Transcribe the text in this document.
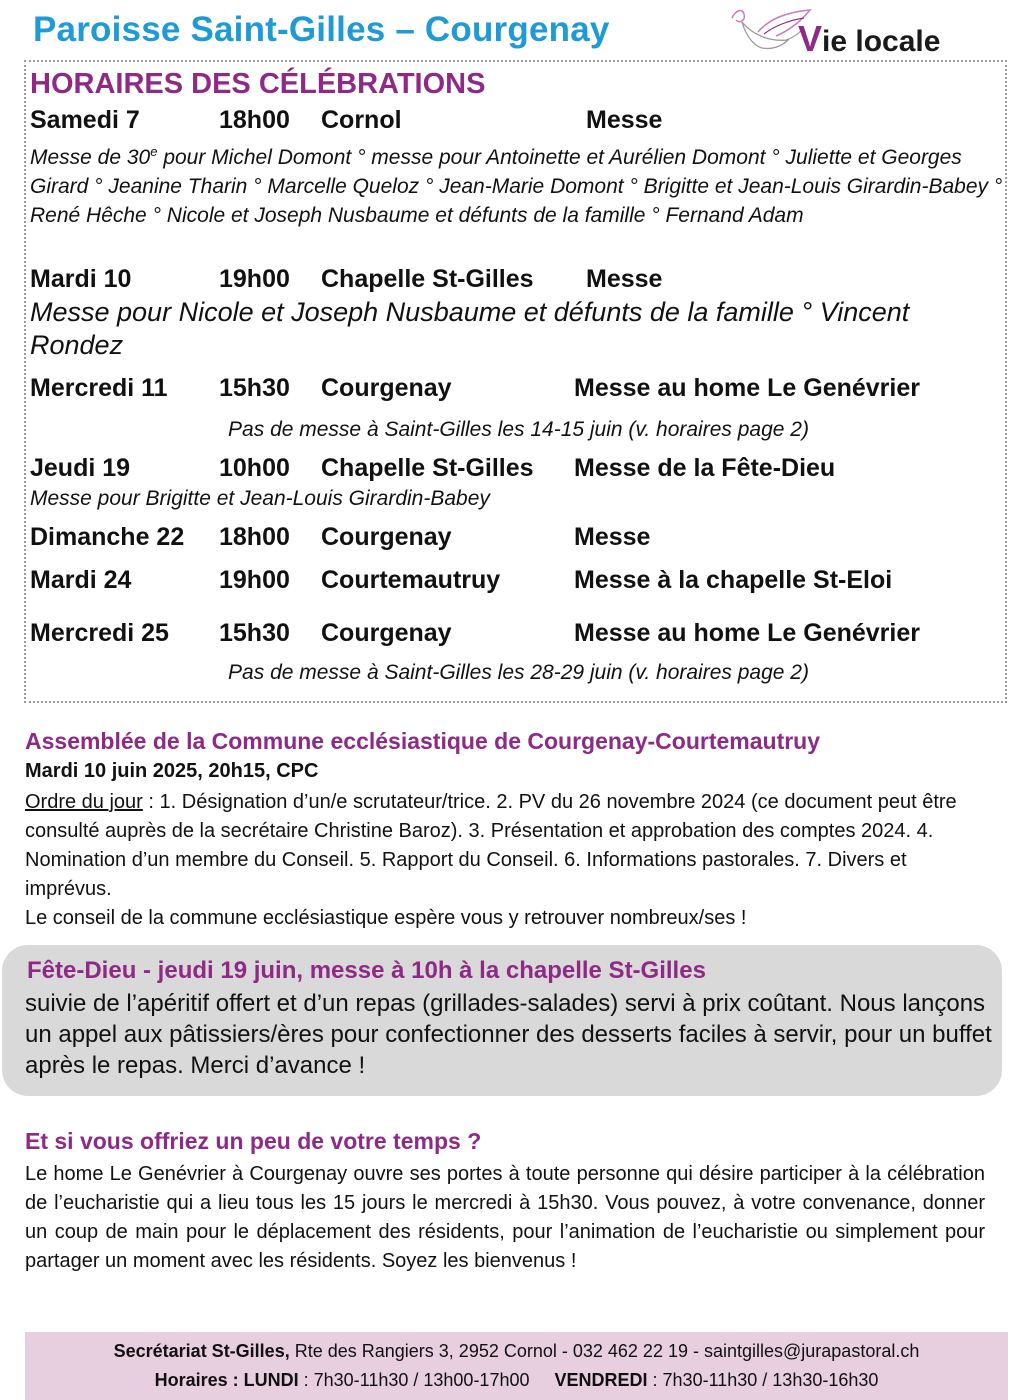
Paroisse Saint-Gilles – Courgenay	Vie locale
HORAIRES DES CÉLÉBRATIONS
Samedi 7	18h00 Cornol	Messe
Messe de 30e pour Michel Domont ° messe pour Antoinette et Aurélien Domont ° Juliette et Georges Girard ° Jeanine Tharin ° Marcelle Queloz ° Jean-Marie Domont ° Brigitte et Jean-Louis Girardin-Babey ° René Hêche ° Nicole et Joseph Nusbaume et défunts de la famille ° Fernand Adam
Mardi 10	19h00 Chapelle St-Gilles Messe
Messe pour Nicole et Joseph Nusbaume et défunts de la famille ° Vincent Rondez
Mercredi 11 15h30 Courgenay	Messe au home Le Genévrier
Pas de messe à Saint-Gilles les 14-15 juin (v. horaires page 2)
Jeudi 19	10h00 Chapelle St-Gilles Messe de la Fête-Dieu
Messe pour Brigitte et Jean-Louis Girardin-Babey
Dimanche 22 18h00 Courgenay	Messe
Mardi 24	19h00 Courtemautruy	Messe à la chapelle St-Eloi
Mercredi 25 15h30 Courgenay	Messe au home Le Genévrier
Pas de messe à Saint-Gilles les 28-29 juin (v. horaires page 2)
Assemblée de la Commune ecclésiastique de Courgenay-Courtemautruy
Mardi 10 juin 2025, 20h15, CPC
Ordre du jour : 1. Désignation d’un/e scrutateur/trice. 2. PV du 26 novembre 2024 (ce document peut être consulté auprès de la secrétaire Christine Baroz). 3. Présentation et approbation des comptes 2024. 4. Nomination d’un membre du Conseil. 5. Rapport du Conseil. 6. Informations pastorales. 7. Divers et imprévus.
Le conseil de la commune ecclésiastique espère vous y retrouver nombreux/ses !
Fête-Dieu - jeudi 19 juin, messe à 10h à la chapelle St-Gilles
suivie de l’apéritif offert et d’un repas (grillades-salades) servi à prix coûtant. Nous lançons un appel aux pâtissiers/ères pour confectionner des desserts faciles à servir, pour un buffet après le repas. Merci d’avance !
Et si vous offriez un peu de votre temps ?
Le home Le Genévrier à Courgenay ouvre ses portes à toute personne qui désire participer à la célébration de l’eucharistie qui a lieu tous les 15 jours le mercredi à 15h30. Vous pouvez, à votre convenance, donner un coup de main pour le déplacement des résidents, pour l’animation de l’eucharistie ou simplement pour partager un moment avec les résidents. Soyez les bienvenus !
Secrétariat St-Gilles, Rte des Rangiers 3, 2952 Cornol - 032 462 22 19 - saintgilles@jurapastoral.ch
Horaires : LUNDI : 7h30-11h30 / 13h00-17h00 VENDREDI : 7h30-11h30 / 13h30-16h30
